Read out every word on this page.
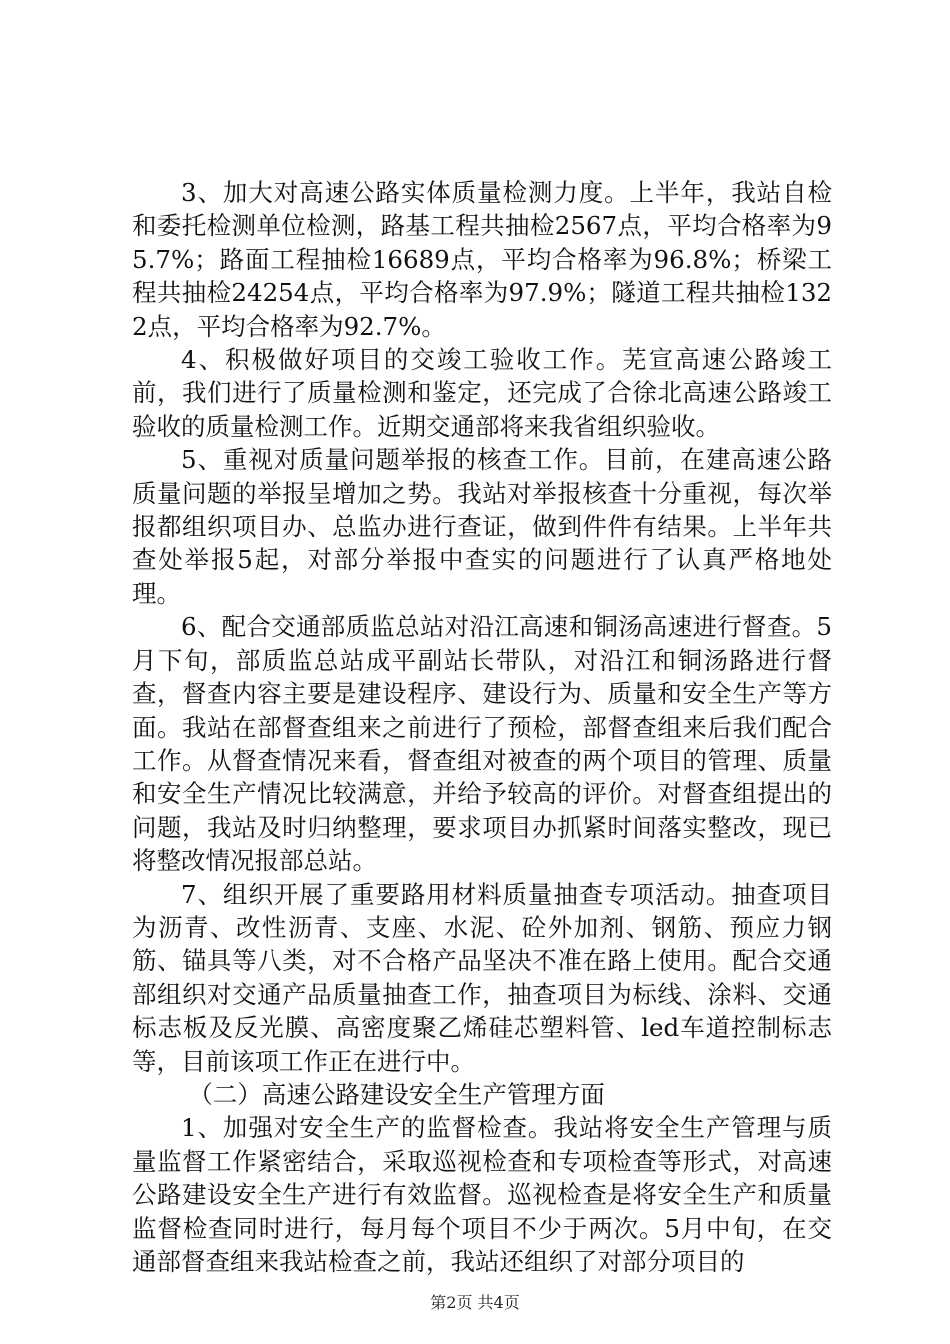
3、加大对高速公路实体质量检测力度。上半年，我站自检和委托检测单位检测，路基工程共抽检2567点，平均合格率为95.7%；路面工程抽检16689点，平均合格率为96.8%；桥梁工程共抽检24254点，平均合格率为97.9%；隧道工程共抽检1322点，平均合格率为92.7%。

4、积极做好项目的交竣工验收工作。芜宣高速公路竣工前，我们进行了质量检测和鉴定，还完成了合徐北高速公路竣工验收的质量检测工作。近期交通部将来我省组织验收。

5、重视对质量问题举报的核查工作。目前，在建高速公路质量问题的举报呈增加之势。我站对举报核查十分重视，每次举报都组织项目办、总监办进行查证，做到件件有结果。上半年共查处举报5起，对部分举报中查实的问题进行了认真严格地处理。

6、配合交通部质监总站对沿江高速和铜汤高速进行督查。5月下旬，部质监总站成平副站长带队，对沿江和铜汤路进行督查，督查内容主要是建设程序、建设行为、质量和安全生产等方面。我站在部督查组来之前进行了预检，部督查组来后我们配合工作。从督查情况来看，督查组对被查的两个项目的管理、质量和安全生产情况比较满意，并给予较高的评价。对督查组提出的问题，我站及时归纳整理，要求项目办抓紧时间落实整改，现已将整改情况报部总站。

7、组织开展了重要路用材料质量抽查专项活动。抽查项目为沥青、改性沥青、支座、水泥、砼外加剂、钢筋、预应力钢筋、锚具等八类，对不合格产品坚决不准在路上使用。配合交通部组织对交通产品质量抽查工作，抽查项目为标线、涂料、交通标志板及反光膜、高密度聚乙烯硅芯塑料管、led车道控制标志等，目前该项工作正在进行中。

（二）高速公路建设安全生产管理方面

1、加强对安全生产的监督检查。我站将安全生产管理与质量监督工作紧密结合，采取巡视检查和专项检查等形式，对高速公路建设安全生产进行有效监督。巡视检查是将安全生产和质量监督检查同时进行，每月每个项目不少于两次。5月中旬，在交通部督查组来我站检查之前，我站还组织了对部分项目的

第2页 共4页
